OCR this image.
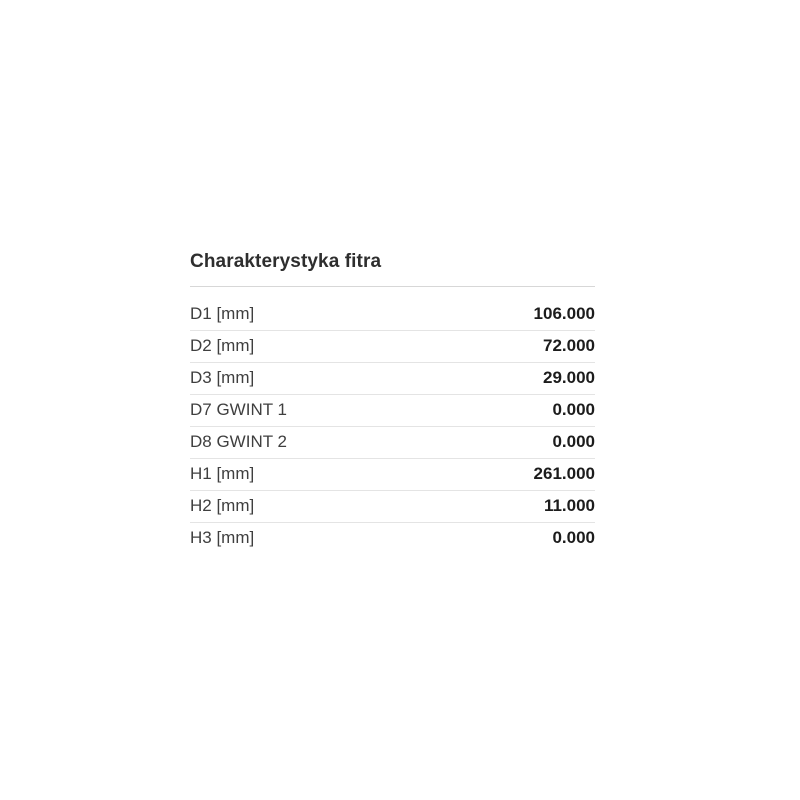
Charakterystyka fitra
D1 [mm]	106.000
D2 [mm]	72.000
D3 [mm]	29.000
D7 GWINT 1	0.000
D8 GWINT 2	0.000
H1 [mm]	261.000
H2 [mm]	11.000
H3 [mm]	0.000
